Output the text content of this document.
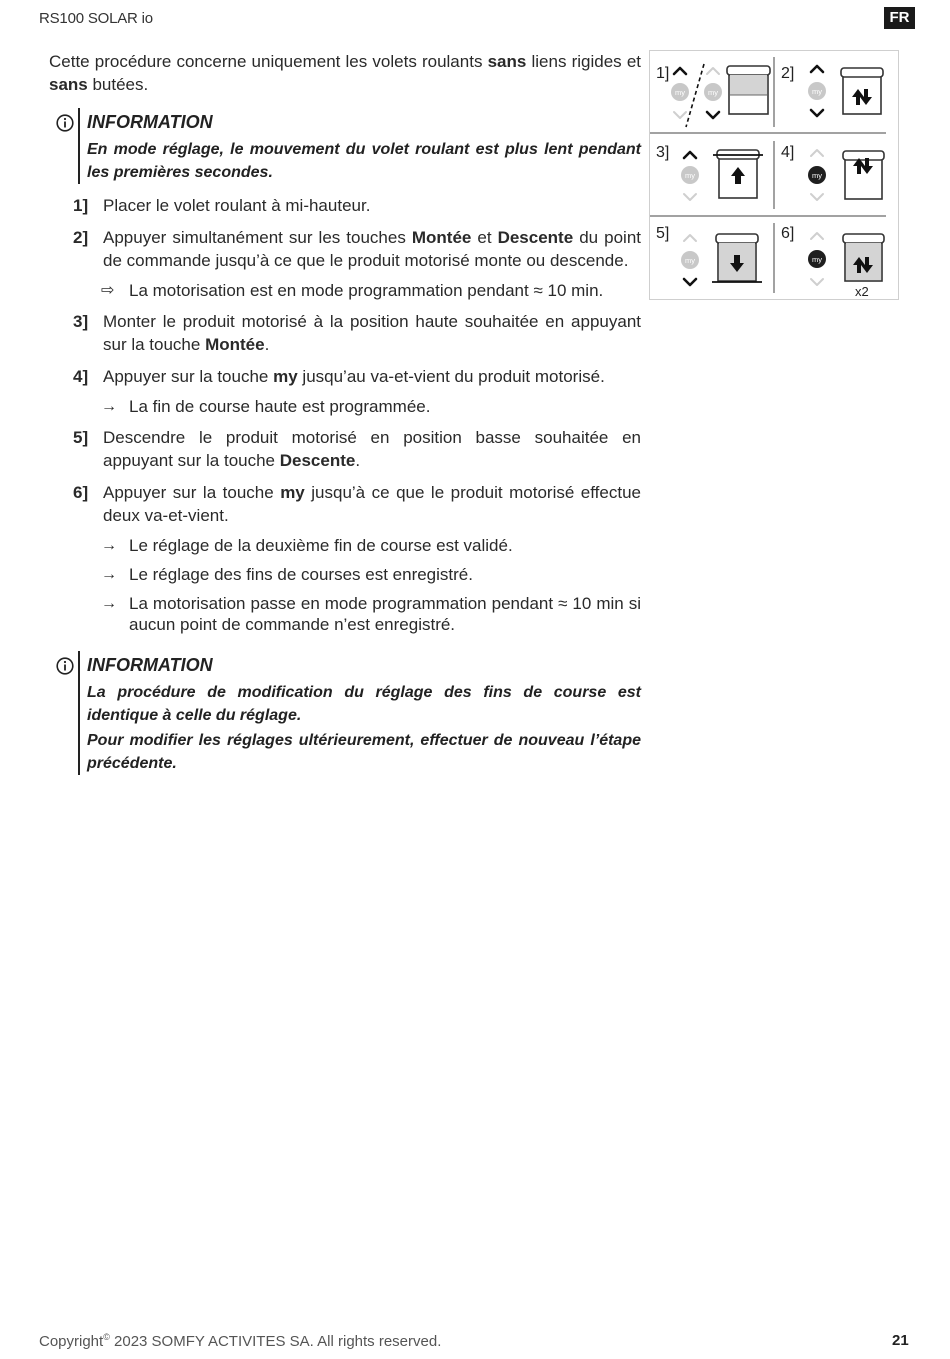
RS100 SOLAR io	FR

Cette procédure concerne uniquement les volets roulants sans liens rigides et sans butées.

INFORMATION

En mode réglage, le mouvement du volet roulant est plus lent pendant les premières secondes.

1] Placer le volet roulant à mi-hauteur.
2] Appuyer simultanément sur les touches Montée et Descente du point de commande jusqu’à ce que le produit motorisé monte ou descende.
⇨ La motorisation est en mode programmation pendant ≈ 10 min.
3] Monter le produit motorisé à la position haute souhaitée en appuyant sur la touche Montée.
4] Appuyer sur la touche my jusqu’au va-et-vient du produit motorisé.
→ La fin de course haute est programmée.
5] Descendre le produit motorisé en position basse souhaitée en appuyant sur la touche Descente.
6] Appuyer sur la touche my jusqu’à ce que le produit motorisé effectue deux va-et-vient.
→ Le réglage de la deuxième fin de course est validé.
→ Le réglage des fins de courses est enregistré.
→ La motorisation passe en mode programmation pendant ≈ 10 min si aucun point de commande n’est enregistré.
INFORMATION

La procédure de modification du réglage des fins de course est identique à celle du réglage.

Pour modifier les réglages ultérieurement, effectuer de nouveau l’étape précédente.

1]	2]
3]	4]
5]	6]
my	my	my
my	my
my	my
x2
Copyright© 2023 SOMFY ACTIVITES SA. All rights reserved.	21
